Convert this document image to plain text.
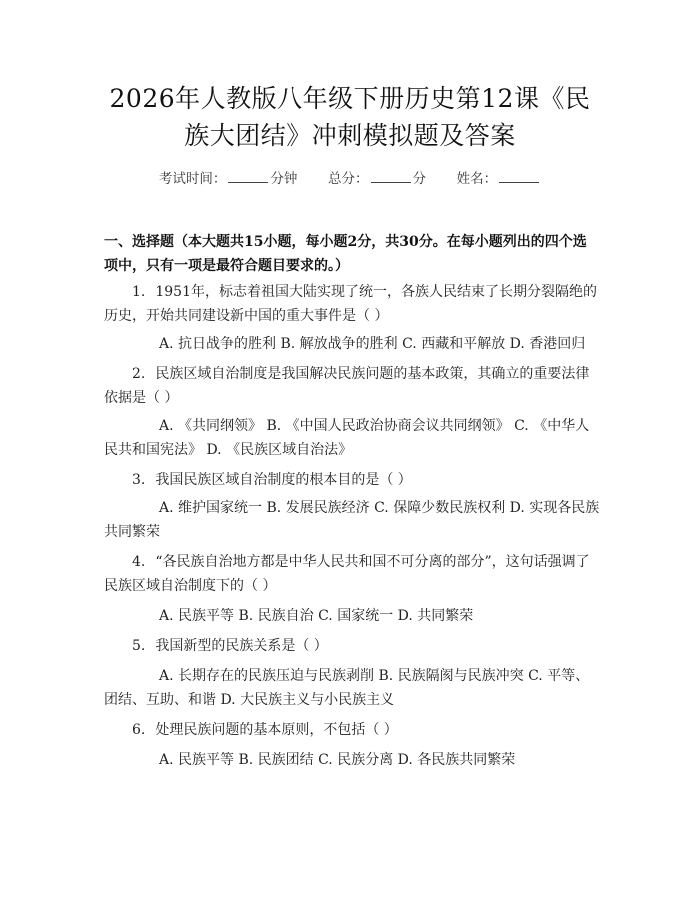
2026年人教版八年级下册历史第12课《民
族大团结》冲刺模拟题及答案
考试时间：	分钟 总分：	分 姓名：
一、选择题（本大题共15小题，每小题2分，共30分。在每小题列出的四个选项中，只有一项是最符合题目要求的。）
1. 1951年，标志着祖国大陆实现了统一，各族人民结束了长期分裂隔绝的历史，开始共同建设新中国的重大事件是（ ）
A. 抗日战争的胜利 B. 解放战争的胜利 C. 西藏和平解放 D. 香港回归
2. 民族区域自治制度是我国解决民族问题的基本政策，其确立的重要法律依据是（ ）
A. 《共同纲领》 B. 《中国人民政治协商会议共同纲领》 C. 《中华人民共和国宪法》 D. 《民族区域自治法》
3. 我国民族区域自治制度的根本目的是（ ）
A. 维护国家统一 B. 发展民族经济 C. 保障少数民族权利 D. 实现各民族共同繁荣
4. “各民族自治地方都是中华人民共和国不可分离的部分”，这句话强调了民族区域自治制度下的（ ）
A. 民族平等 B. 民族自治 C. 国家统一 D. 共同繁荣
5. 我国新型的民族关系是（ ）
A. 长期存在的民族压迫与民族剥削 B. 民族隔阂与民族冲突 C. 平等、团结、互助、和谐 D. 大民族主义与小民族主义
6. 处理民族问题的基本原则，不包括（ ）
A. 民族平等 B. 民族团结 C. 民族分离 D. 各民族共同繁荣
